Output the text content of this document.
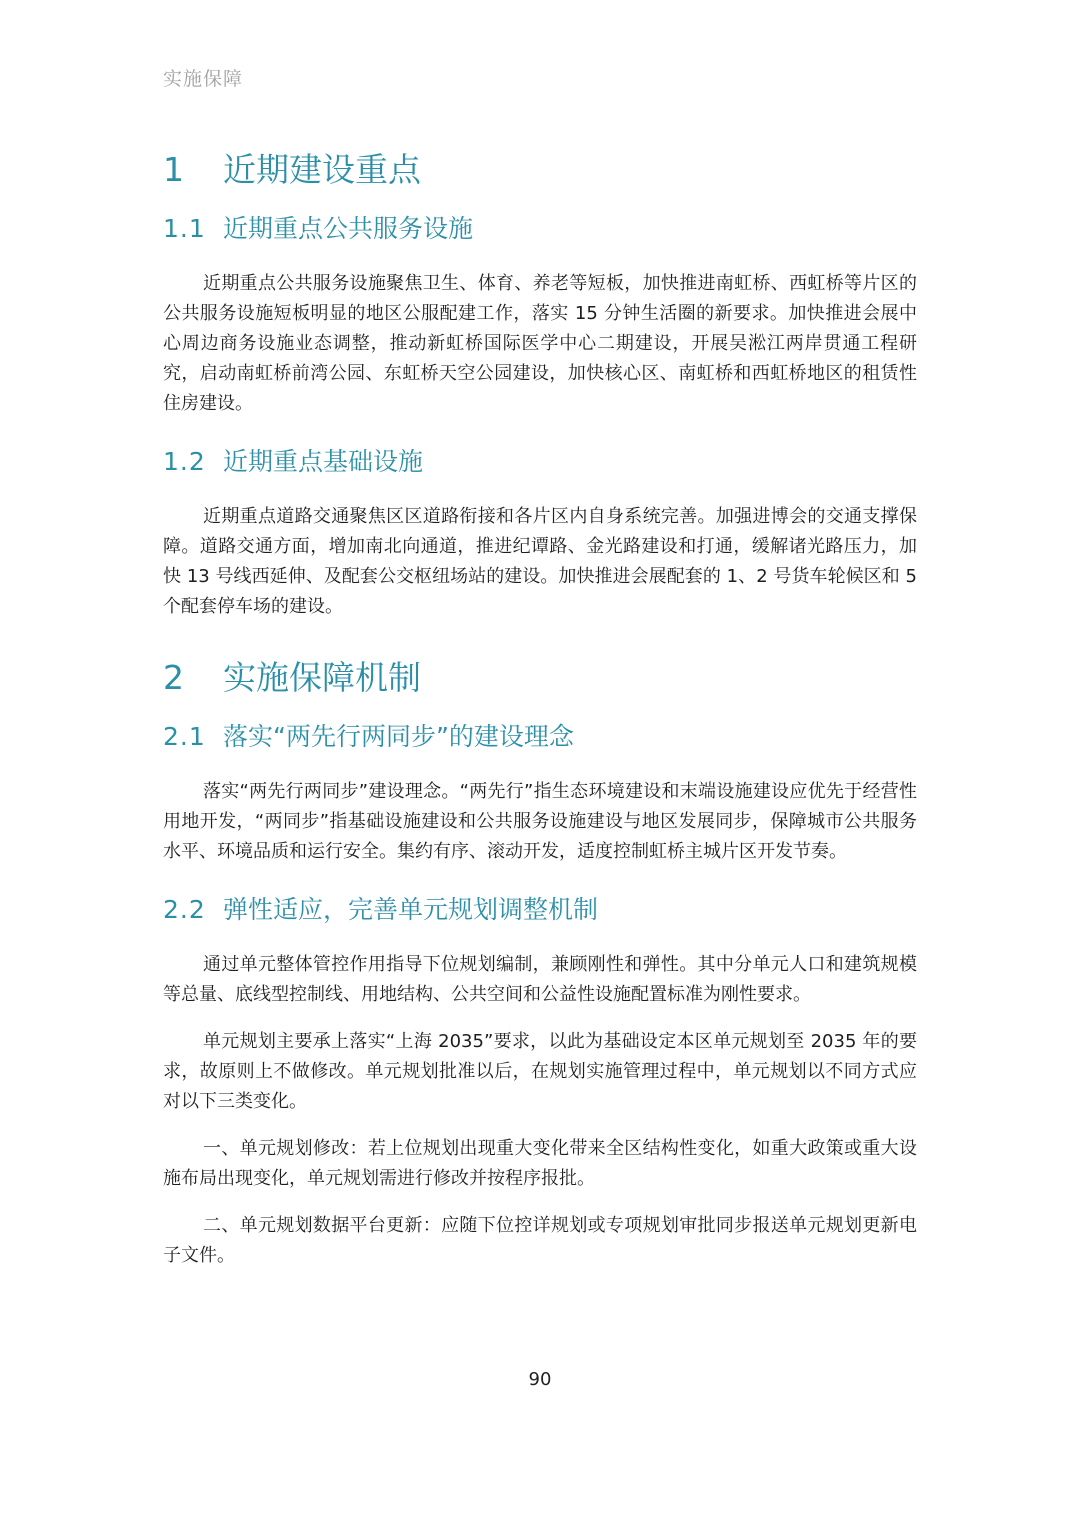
实施保障
1	近期建设重点
1.1 近期重点公共服务设施

近期重点公共服务设施聚焦卫生、体育、养老等短板，加快推进南虹桥、西虹桥等片区的公共服务设施短板明显的地区公服配建工作，落实 15 分钟生活圈的新要求。加快推进会展中心周边商务设施业态调整，推动新虹桥国际医学中心二期建设，开展吴淞江两岸贯通工程研究，启动南虹桥前湾公园、东虹桥天空公园建设，加快核心区、南虹桥和西虹桥地区的租赁性住房建设。

1.2 近期重点基础设施

近期重点道路交通聚焦区区道路衔接和各片区内自身系统完善。加强进博会的交通支撑保障。道路交通方面，增加南北向通道，推进纪谭路、金光路建设和打通，缓解诸光路压力，加快 13 号线西延伸、及配套公交枢纽场站的建设。加快推进会展配套的 1、2 号货车轮候区和 5 个配套停车场的建设。

2	实施保障机制
2.1 落实“两先行两同步”的建设理念

落实“两先行两同步”建设理念。“两先行”指生态环境建设和末端设施建设应优先于经营性用地开发，“两同步”指基础设施建设和公共服务设施建设与地区发展同步，保障城市公共服务水平、环境品质和运行安全。集约有序、滚动开发，适度控制虹桥主城片区开发节奏。

2.2 弹性适应，完善单元规划调整机制

通过单元整体管控作用指导下位规划编制，兼顾刚性和弹性。其中分单元人口和建筑规模等总量、底线型控制线、用地结构、公共空间和公益性设施配置标准为刚性要求。

单元规划主要承上落实“上海 2035”要求，以此为基础设定本区单元规划至 2035 年的要求，故原则上不做修改。单元规划批准以后，在规划实施管理过程中，单元规划以不同方式应对以下三类变化。

一、单元规划修改：若上位规划出现重大变化带来全区结构性变化，如重大政策或重大设施布局出现变化，单元规划需进行修改并按程序报批。

二、单元规划数据平台更新：应随下位控详规划或专项规划审批同步报送单元规划更新电子文件。

90
